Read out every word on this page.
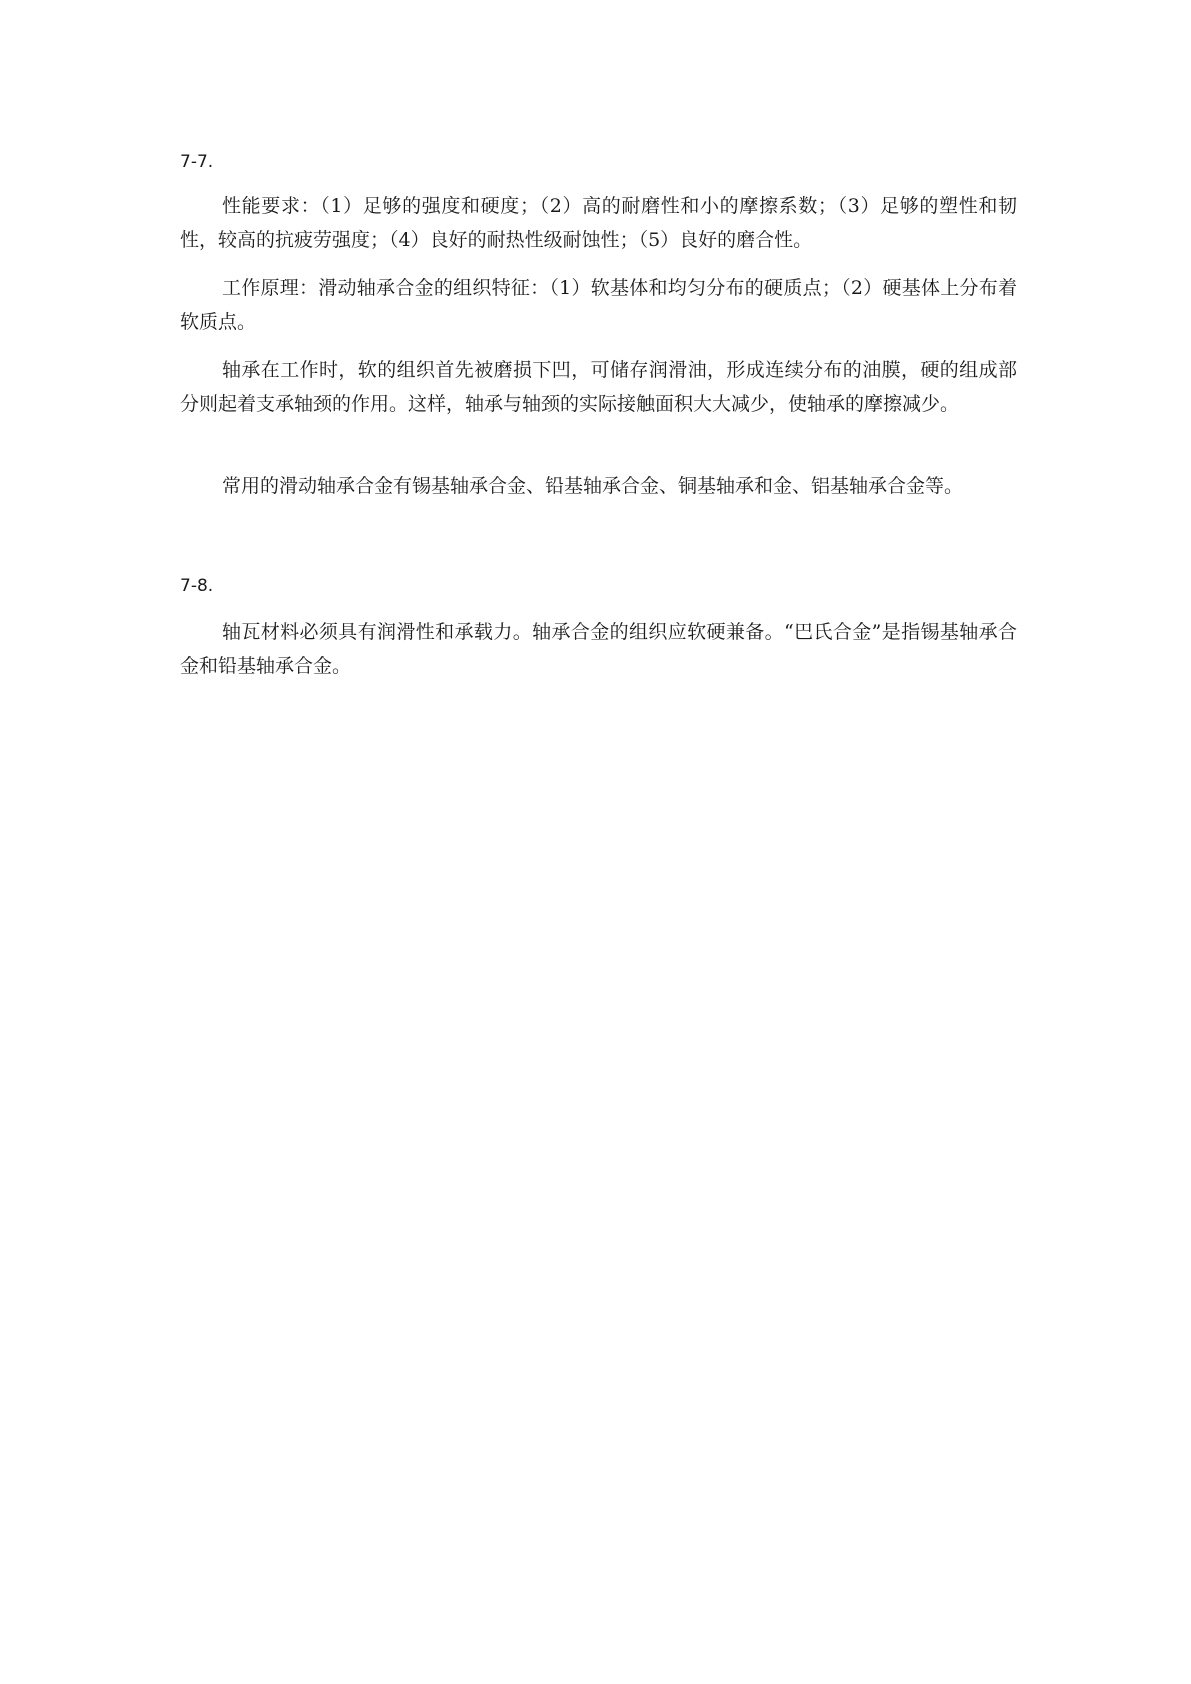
7-7.

性能要求：（1）足够的强度和硬度；（2）高的耐磨性和小的摩擦系数；（3）足够的塑性和韧性，较高的抗疲劳强度；（4）良好的耐热性级耐蚀性；（5）良好的磨合性。

工作原理：滑动轴承合金的组织特征：（1）软基体和均匀分布的硬质点；（2）硬基体上分布着软质点。

轴承在工作时，软的组织首先被磨损下凹，可储存润滑油，形成连续分布的油膜，硬的组成部分则起着支承轴颈的作用。这样，轴承与轴颈的实际接触面积大大减少，使轴承的摩擦减少。

常用的滑动轴承合金有锡基轴承合金、铅基轴承合金、铜基轴承和金、铝基轴承合金等。

7-8.

轴瓦材料必须具有润滑性和承载力。轴承合金的组织应软硬兼备。“巴氏合金”是指锡基轴承合金和铅基轴承合金。
